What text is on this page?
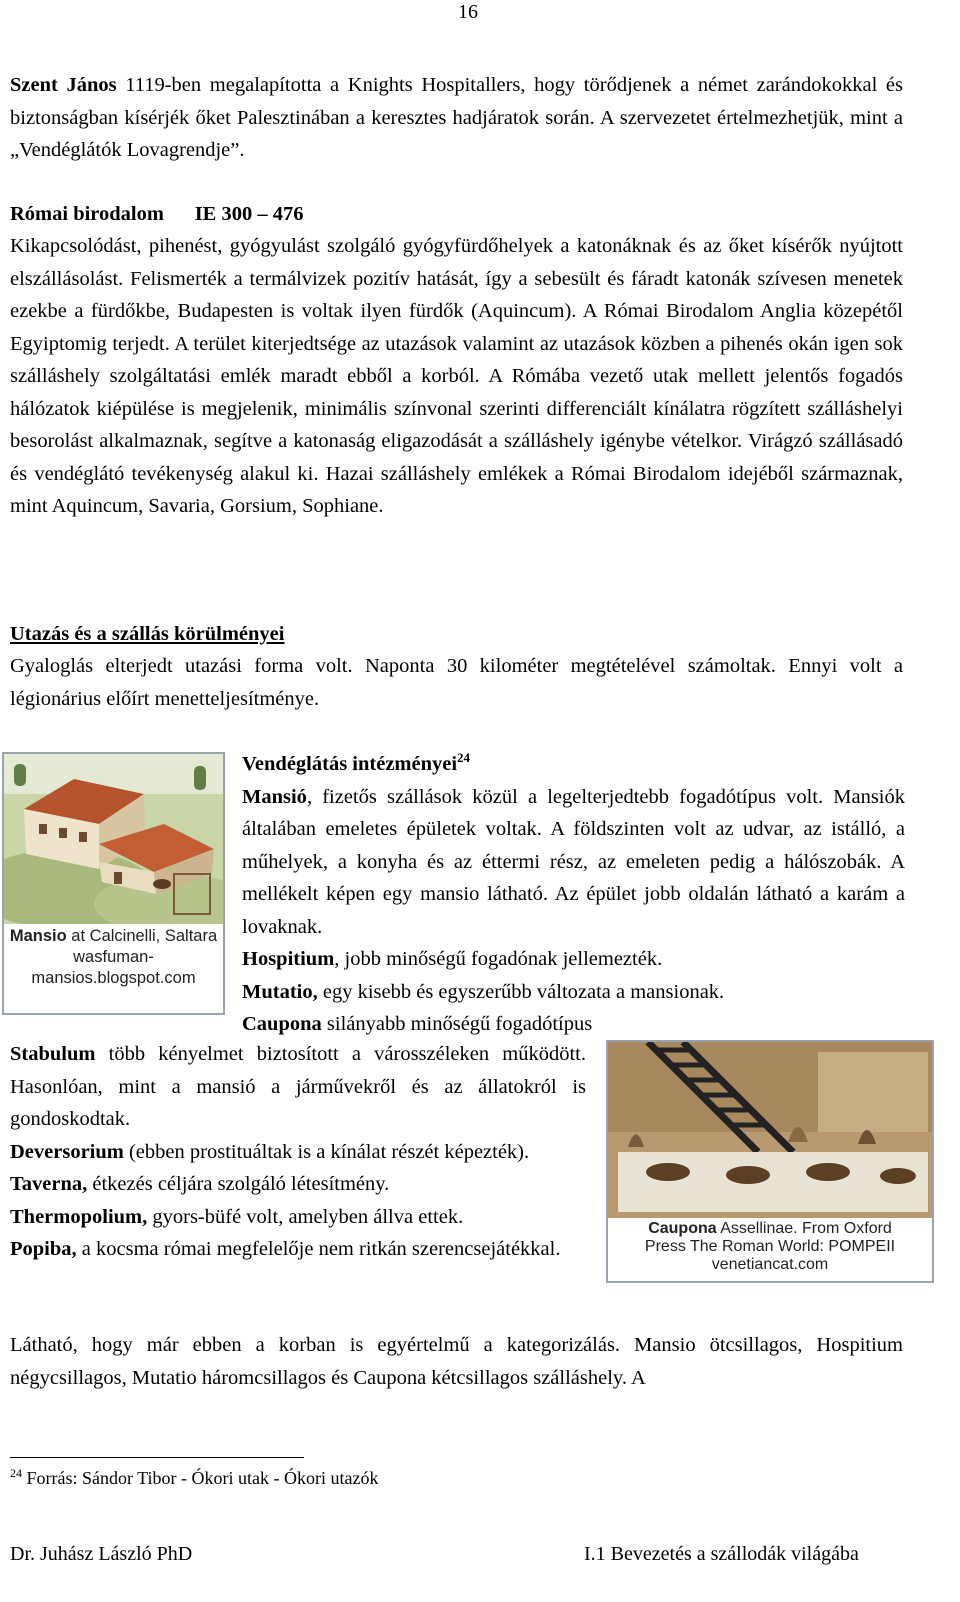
16

Szent János 1119-ben megalapította a Knights Hospitallers, hogy törődjenek a német zarándokokkal és biztonságban kísérjék őket Palesztinában a keresztes hadjáratok során. A szervezetet értelmezhetjük, mint a „Vendéglátók Lovagrendje”.

Római birodalom      IE 300 – 476

Kikapcsolódást, pihenést, gyógyulást szolgáló gyógyfürdőhelyek a katonáknak és az őket kísérők nyújtott elszállásolást. Felismerték a termálvizek pozitív hatását, így a sebesült és fáradt katonák szívesen menetek ezekbe a fürdőkbe, Budapesten is voltak ilyen fürdők (Aquincum). A Római Birodalom Anglia közepétől Egyiptomig terjedt. A terület kiterjedtsége az utazások valamint az utazások közben a pihenés okán igen sok szálláshely szolgáltatási emlék maradt ebből a korból. A Rómába vezető utak mellett jelentős fogadós hálózatok kiépülése is megjelenik, minimális színvonal szerinti differenciált kínálatra rögzített szálláshelyi besorolást alkalmaznak, segítve a katonaság eligazodását a szálláshely igénybe vételkor. Virágzó szállásadó és vendéglátó tevékenység alakul ki. Hazai szálláshely emlékek a Római Birodalom idejéből származnak, mint Aquincum, Savaria, Gorsium, Sophiane.

Utazás és a szállás körülményei

Gyaloglás elterjedt utazási forma volt. Naponta 30 kilométer megtételével számoltak. Ennyi volt a légionárius előírt menetteljesítménye.

Mansio at Calcinelli, Saltara
wasfuman-
mansios.blogspot.com
Vendéglátás intézményei$^{24}$
Mansió, fizetős szállások közül a legelterjedtebb fogadótípus volt. Mansiók általában emeletes épületek voltak. A földszinten volt az udvar, az istálló, a műhelyek, a konyha és az éttermi rész, az emeleten pedig a hálószobák. A mellékelt képen egy mansio látható. Az épület jobb oldalán látható a karám a lovaknak.
Hospitium, jobb minőségű fogadónak jellemezték.
Mutatio, egy kisebb és egyszerűbb változata a mansionak.
Caupona silányabb minőségű fogadótípus
Caupona Assellinae. From Oxford
Press The Roman World: POMPEII
venetiancat.com
Stabulum több kényelmet biztosított a városszéleken működött. Hasonlóan, mint a mansió a járművekről és az állatokról is gondoskodtak.
Deversorium (ebben prostituáltak is a kínálat részét képezték).
Taverna, étkezés céljára szolgáló létesítmény.
Thermopolium, gyors-büfé volt, amelyben állva ettek.
Popiba, a kocsma római megfelelője nem ritkán szerencsejátékkal.

Látható, hogy már ebben a korban is egyértelmű a kategorizálás. Mansio ötcsillagos, Hospitium négycsillagos, Mutatio háromcsillagos és Caupona kétcsillagos szálláshely. A

$^{24}$ Forrás: Sándor Tibor - Ókori utak - Ókori utazók
Dr. Juhász László PhD	I.1 Bevezetés a szállodák világába
